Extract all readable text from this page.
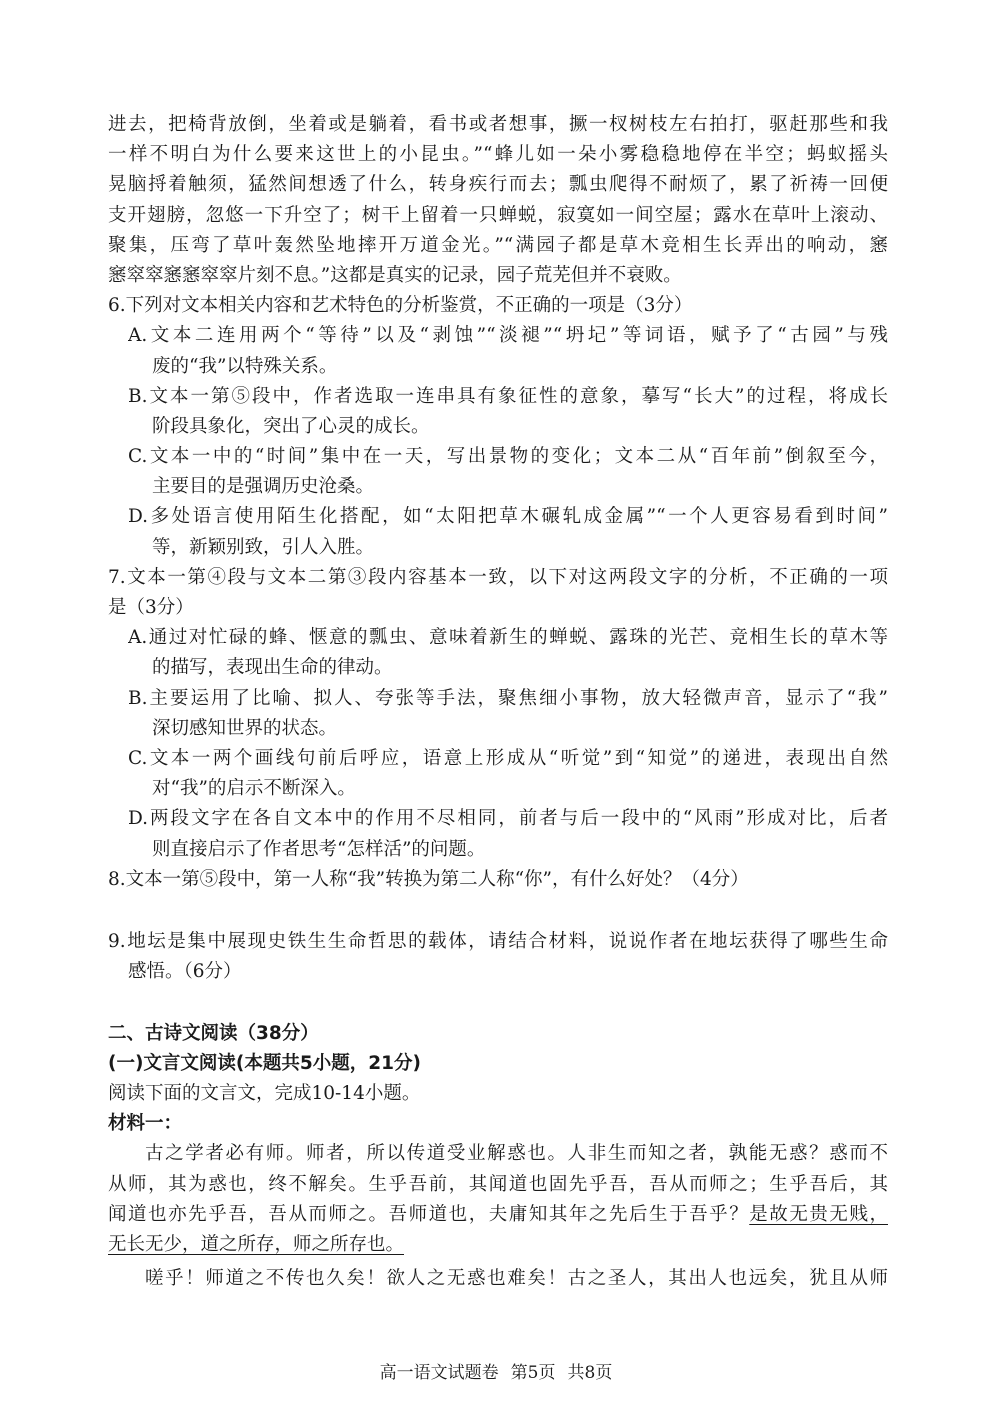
进去，把椅背放倒，坐着或是躺着，看书或者想事，撅一杈树枝左右拍打，驱赶那些和我
一样不明白为什么要来这世上的小昆虫。”“蜂儿如一朵小雾稳稳地停在半空；蚂蚁摇头
晃脑捋着触须，猛然间想透了什么，转身疾行而去；瓢虫爬得不耐烦了，累了祈祷一回便
支开翅膀，忽悠一下升空了；树干上留着一只蝉蜕，寂寞如一间空屋；露水在草叶上滚动、
聚集，压弯了草叶轰然坠地摔开万道金光。”“满园子都是草木竞相生长弄出的响动，窸
窸窣窣窸窸窣窣片刻不息。”这都是真实的记录，园子荒芜但并不衰败。
6.下列对文本相关内容和艺术特色的分析鉴赏，不正确的一项是（3分）
A.文本二连用两个“等待”以及“剥蚀”“淡褪”“坍圮”等词语，赋予了“古园”与残
废的“我”以特殊关系。
B.文本一第⑤段中，作者选取一连串具有象征性的意象，摹写“长大”的过程，将成长
阶段具象化，突出了心灵的成长。
C.文本一中的“时间”集中在一天，写出景物的变化；文本二从“百年前”倒叙至今，
主要目的是强调历史沧桑。
D.多处语言使用陌生化搭配，如“太阳把草木碾轧成金属”“一个人更容易看到时间”
等，新颖别致，引人入胜。
7.文本一第④段与文本二第③段内容基本一致，以下对这两段文字的分析，不正确的一项
是（3分）
A.通过对忙碌的蜂、惬意的瓢虫、意味着新生的蝉蜕、露珠的光芒、竞相生长的草木等
的描写，表现出生命的律动。
B.主要运用了比喻、拟人、夸张等手法，聚焦细小事物，放大轻微声音，显示了“我”
深切感知世界的状态。
C.文本一两个画线句前后呼应，语意上形成从“听觉”到“知觉”的递进，表现出自然
对“我”的启示不断深入。
D.两段文字在各自文本中的作用不尽相同，前者与后一段中的“风雨”形成对比，后者
则直接启示了作者思考“怎样活”的问题。
8.文本一第⑤段中，第一人称“我”转换为第二人称“你”，有什么好处？（4分）
9.地坛是集中展现史铁生生命哲思的载体，请结合材料，说说作者在地坛获得了哪些生命
感悟。（6分）
二、古诗文阅读（38分）
(一)文言文阅读(本题共5小题，21分)
阅读下面的文言文，完成10-14小题。
材料一：
古之学者必有师。师者，所以传道受业解惑也。人非生而知之者，孰能无惑？惑而不
从师，其为惑也，终不解矣。生乎吾前，其闻道也固先乎吾，吾从而师之；生乎吾后，其
闻道也亦先乎吾，吾从而师之。吾师道也，夫庸知其年之先后生于吾乎？是故无贵无贱，
无长无少，道之所存，师之所存也。
嗟乎！师道之不传也久矣！欲人之无惑也难矣！古之圣人，其出人也远矣，犹且从师
高一语文试题卷 第5页 共8页
